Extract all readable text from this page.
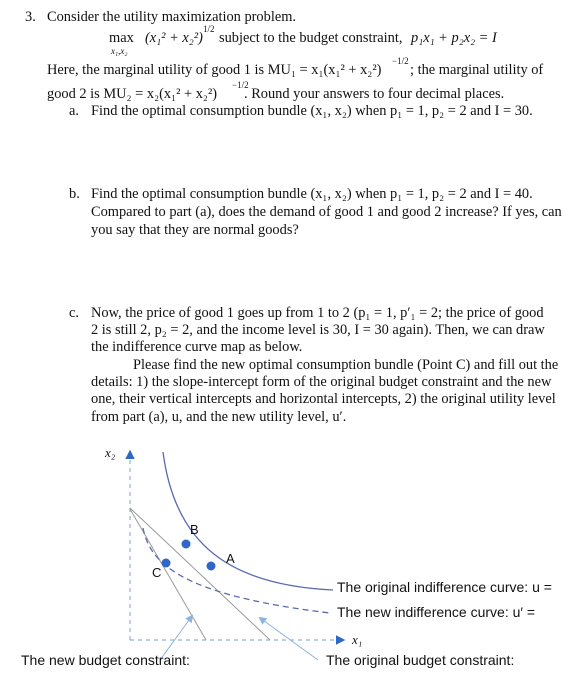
3. Consider the utility maximization problem.
max
x₁,x₂
(x₁² + x₂²)
1/2
subject to the budget constraint, p₁x₁ + p₂x₂ = I
Here, the marginal utility of good 1 is MU₁ = x₁(x₁² + x₂²)
−1/2
; the marginal utility of
good 2 is MU₂ = x₂(x₁² + x₂²)
−1/2
. Round your answers to four decimal places.
a. Find the optimal consumption bundle (x₁, x₂) when p₁ = 1, p₂ = 2 and I = 30.
b. Find the optimal consumption bundle (x₁, x₂) when p₁ = 1, p₂ = 2 and I = 40.
Compared to part (a), does the demand of good 1 and good 2 increase? If yes, can
you say that they are normal goods?
c. Now, the price of good 1 goes up from 1 to 2 (p₁ = 1, p′₁ = 2; the price of good
2 is still 2, p₂ = 2, and the income level is 30, I = 30 again). Then, we can draw
the indifference curve map as below.
Please find the new optimal consumption bundle (Point C) and fill out the
details: 1) the slope-intercept form of the original budget constraint and the new
one, their vertical intercepts and horizontal intercepts, 2) the original utility level
from part (a), u, and the new utility level, u′.
x₂
x₁
B
A
C
The original indifference curve: u =
The new indifference curve: u′ =
The new budget constraint:	The original budget constraint:
